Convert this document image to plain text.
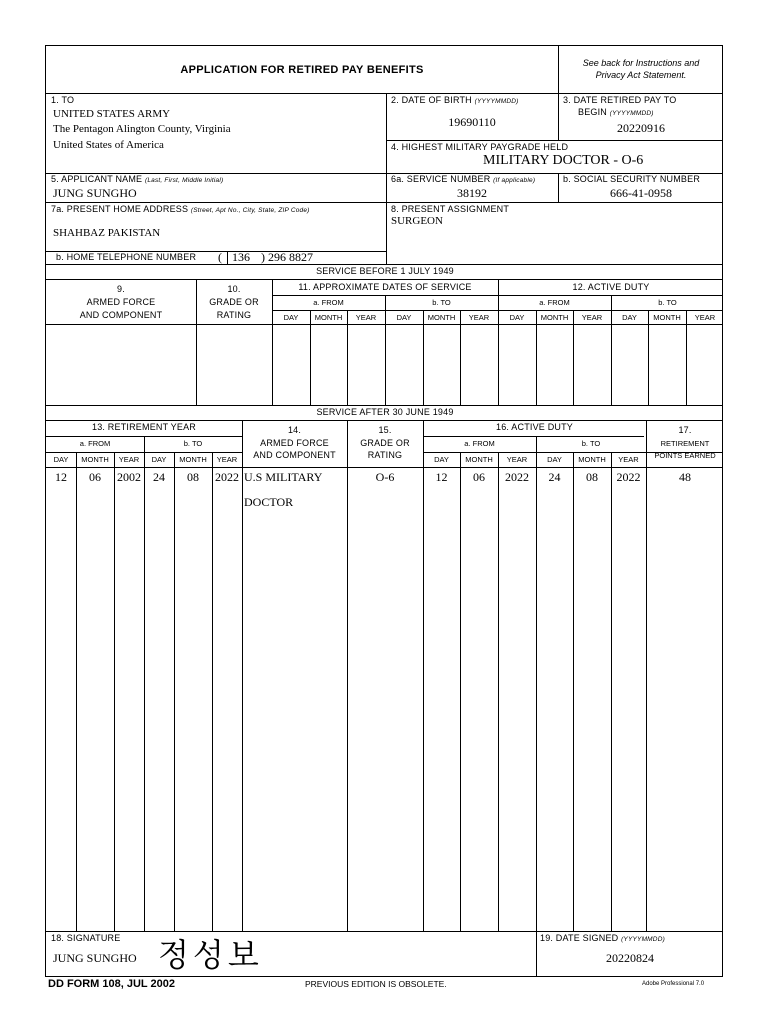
APPLICATION FOR RETIRED PAY BENEFITS
See back for Instructions and
Privacy Act Statement.
1. TO
UNITED STATES ARMY
The Pentagon Alington County, Virginia
United States of America
2. DATE OF BIRTH (YYYYMMDD)
19690110
3. DATE RETIRED PAY TO
BEGIN (YYYYMMDD)
20220916
4. HIGHEST MILITARY PAYGRADE HELD
MILITARY DOCTOR - O-6
5. APPLICANT NAME (Last, First, Middle Initial)
JUNG SUNGHO
6a. SERVICE NUMBER (If applicable)
38192
b. SOCIAL SECURITY NUMBER
666-41-0958
7a. PRESENT HOME ADDRESS (Street, Apt No., City, State, ZIP Code)
SHAHBAZ PAKISTAN
b. HOME TELEPHONE NUMBER ( 136 ) 296 8827
8. PRESENT ASSIGNMENT
SURGEON
SERVICE BEFORE 1 JULY 1949
9.
ARMED FORCE
AND COMPONENT
10.
GRADE OR
RATING
11. APPROXIMATE DATES OF SERVICE	12. ACTIVE DUTY
a. FROM	b. TO	a. FROM	b. TO
DAY	MONTH	YEAR	DAY	MONTH	YEAR	DAY	MONTH	YEAR	DAY	MONTH	YEAR
SERVICE AFTER 30 JUNE 1949
13. RETIREMENT YEAR
a. FROM	b. TO
DAY	MONTH	YEAR	DAY	MONTH	YEAR
14.
ARMED FORCE
AND COMPONENT
15.
GRADE OR
RATING
16. ACTIVE DUTY
a. FROM	b. TO
DAY	MONTH	YEAR	DAY	MONTH	YEAR
17.
RETIREMENT
POINTS EARNED
12	06	2002	24	08	2022 U.S MILITARY
DOCTOR
O-6	12	06	2022	24	08	2022	48
18. SIGNATURE
JUNG SUNGHO 정성보	19. DATE SIGNED (YYYYMMDD)
20220824
DD FORM 108, JUL 2002	PREVIOUS EDITION IS OBSOLETE.	Adobe Professional 7.0
